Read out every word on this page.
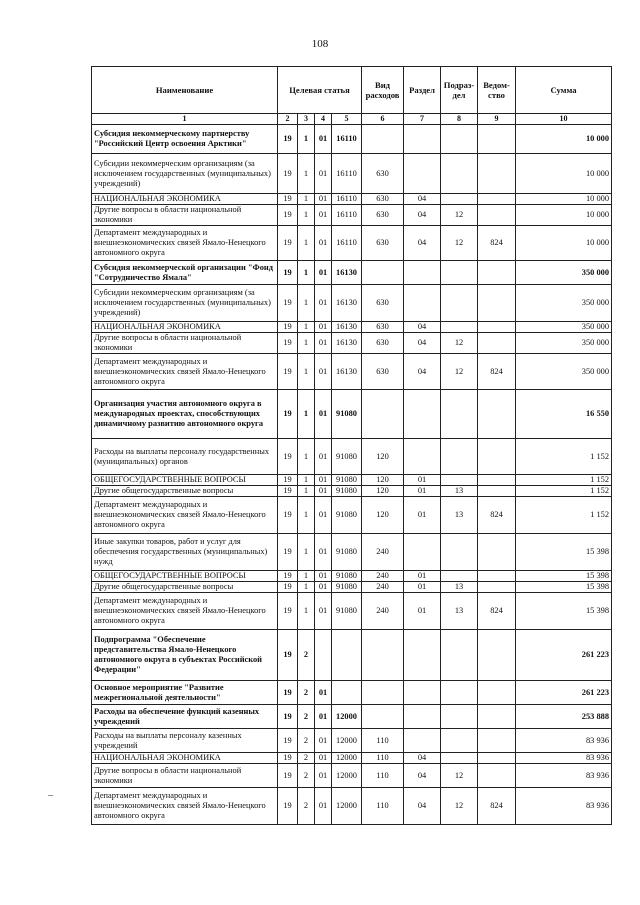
108
Наименование	Целевая статья				Вид расходов	Раздел	Подраз-дел	Ведом-ство	Сумма
1	2	3	4	5	6	7	8	9	10
Субсидия некоммерческому партнерству "Российский Центр освоения Арктики"	19	1	01	16110					10 000
Субсидии некоммерческим организациям (за исключением государственных (муниципальных) учреждений)	19	1	01	16110	630				10 000
НАЦИОНАЛЬНАЯ ЭКОНОМИКА	19	1	01	16110	630	04			10 000
Другие вопросы в области национальной экономики	19	1	01	16110	630	04	12		10 000
Департамент международных и внешнеэкономических связей Ямало-Ненецкого автономного округа	19	1	01	16110	630	04	12	824	10 000
Субсидия некоммерческой организации "Фонд "Сотрудничество Ямала"	19	1	01	16130					350 000
Субсидии некоммерческим организациям (за исключением государственных (муниципальных) учреждений)	19	1	01	16130	630				350 000
НАЦИОНАЛЬНАЯ ЭКОНОМИКА	19	1	01	16130	630	04			350 000
Другие вопросы в области национальной экономики	19	1	01	16130	630	04	12		350 000
Департамент международных и внешнеэкономических связей Ямало-Ненецкого автономного округа	19	1	01	16130	630	04	12	824	350 000
Организация участия автономного округа в международных проектах, способствующих динамичному развитию автономного округа	19	1	01	91080					16 550
Расходы на выплаты персоналу государственных (муниципальных) органов	19	1	01	91080	120				1 152
ОБЩЕГОСУДАРСТВЕННЫЕ ВОПРОСЫ	19	1	01	91080	120	01			1 152
Другие общегосударственные вопросы	19	1	01	91080	120	01	13		1 152
Департамент международных и внешнеэкономических связей Ямало-Ненецкого автономного округа	19	1	01	91080	120	01	13	824	1 152
Иные закупки товаров, работ и услуг для обеспечения государственных (муниципальных) нужд	19	1	01	91080	240				15 398
ОБЩЕГОСУДАРСТВЕННЫЕ ВОПРОСЫ	19	1	01	91080	240	01			15 398
Другие общегосударственные вопросы	19	1	01	91080	240	01	13		15 398
Департамент международных и внешнеэкономических связей Ямало-Ненецкого автономного округа	19	1	01	91080	240	01	13	824	15 398
Подпрограмма "Обеспечение представительства Ямало-Ненецкого автономного округа в субъектах Российской Федерации"	19	2							261 223
Основное мероприятие "Развитие межрегиональной деятельности"	19	2	01						261 223
Расходы на обеспечение функций казенных учреждений	19	2	01	12000					253 888
Расходы на выплаты персоналу казенных учреждений	19	2	01	12000	110				83 936
НАЦИОНАЛЬНАЯ ЭКОНОМИКА	19	2	01	12000	110	04			83 936
Другие вопросы в области национальной экономики	19	2	01	12000	110	04	12		83 936
Департамент международных и внешнеэкономических связей Ямало-Ненецкого автономного округа	19	2	01	12000	110	04	12	824	83 936
–
